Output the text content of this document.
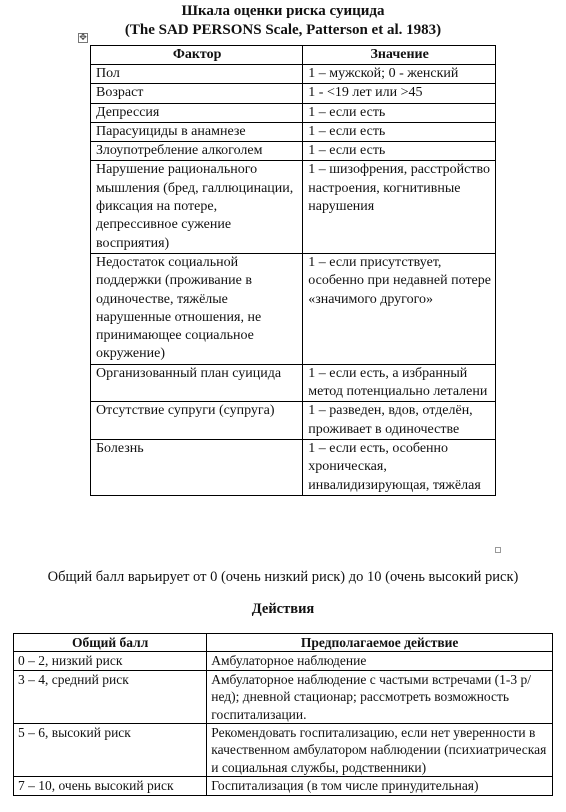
Шкала оценки риска суицида
(The SAD PERSONS Scale, Patterson et al. 1983)
✥
Фактор	Значение
Пол	1 – мужской; 0 - женский
Возраст	1 - <19 лет или >45
Депрессия	1 – если есть
Парасуициды в анамнезе	1 – если есть
Злоупотребление алкоголем	1 – если есть
Нарушение рационального мышления (бред, галлюцинации, фиксация на потере, депрессивное сужение восприятия)	1 – шизофрения, расстройство настроения, когнитивные нарушения
Недостаток социальной поддержки (проживание в одиночестве, тяжёлые нарушенные отношения, не принимающее социальное окружение)	1 – если присутствует, особенно при недавней потере «значимого другого»
Организованный план суицида	1 – если есть, а избранный метод потенциально леталени
Отсутствие супруги (супруга)	1 – разведен, вдов, отделён, проживает в одиночестве
Болезнь	1 – если есть, особенно хроническая, инвалидизирующая, тяжёлая
Общий балл варьирует от 0 (очень низкий риск) до 10 (очень высокий риск)
Действия
Общий балл	Предполагаемое действие
0 – 2, низкий риск	Амбулаторное наблюдение
3 – 4, средний риск	Амбулаторное наблюдение с частыми встречами (1-3 р/нед); дневной стационар; рассмотреть возможность госпитализации.
5 – 6, высокий риск	Рекомендовать госпитализацию, если нет уверенности в качественном амбулатором наблюдении (психиатрическая и социальная службы, родственники)
7 – 10, очень высокий риск	Госпитализация (в том числе принудительная)
